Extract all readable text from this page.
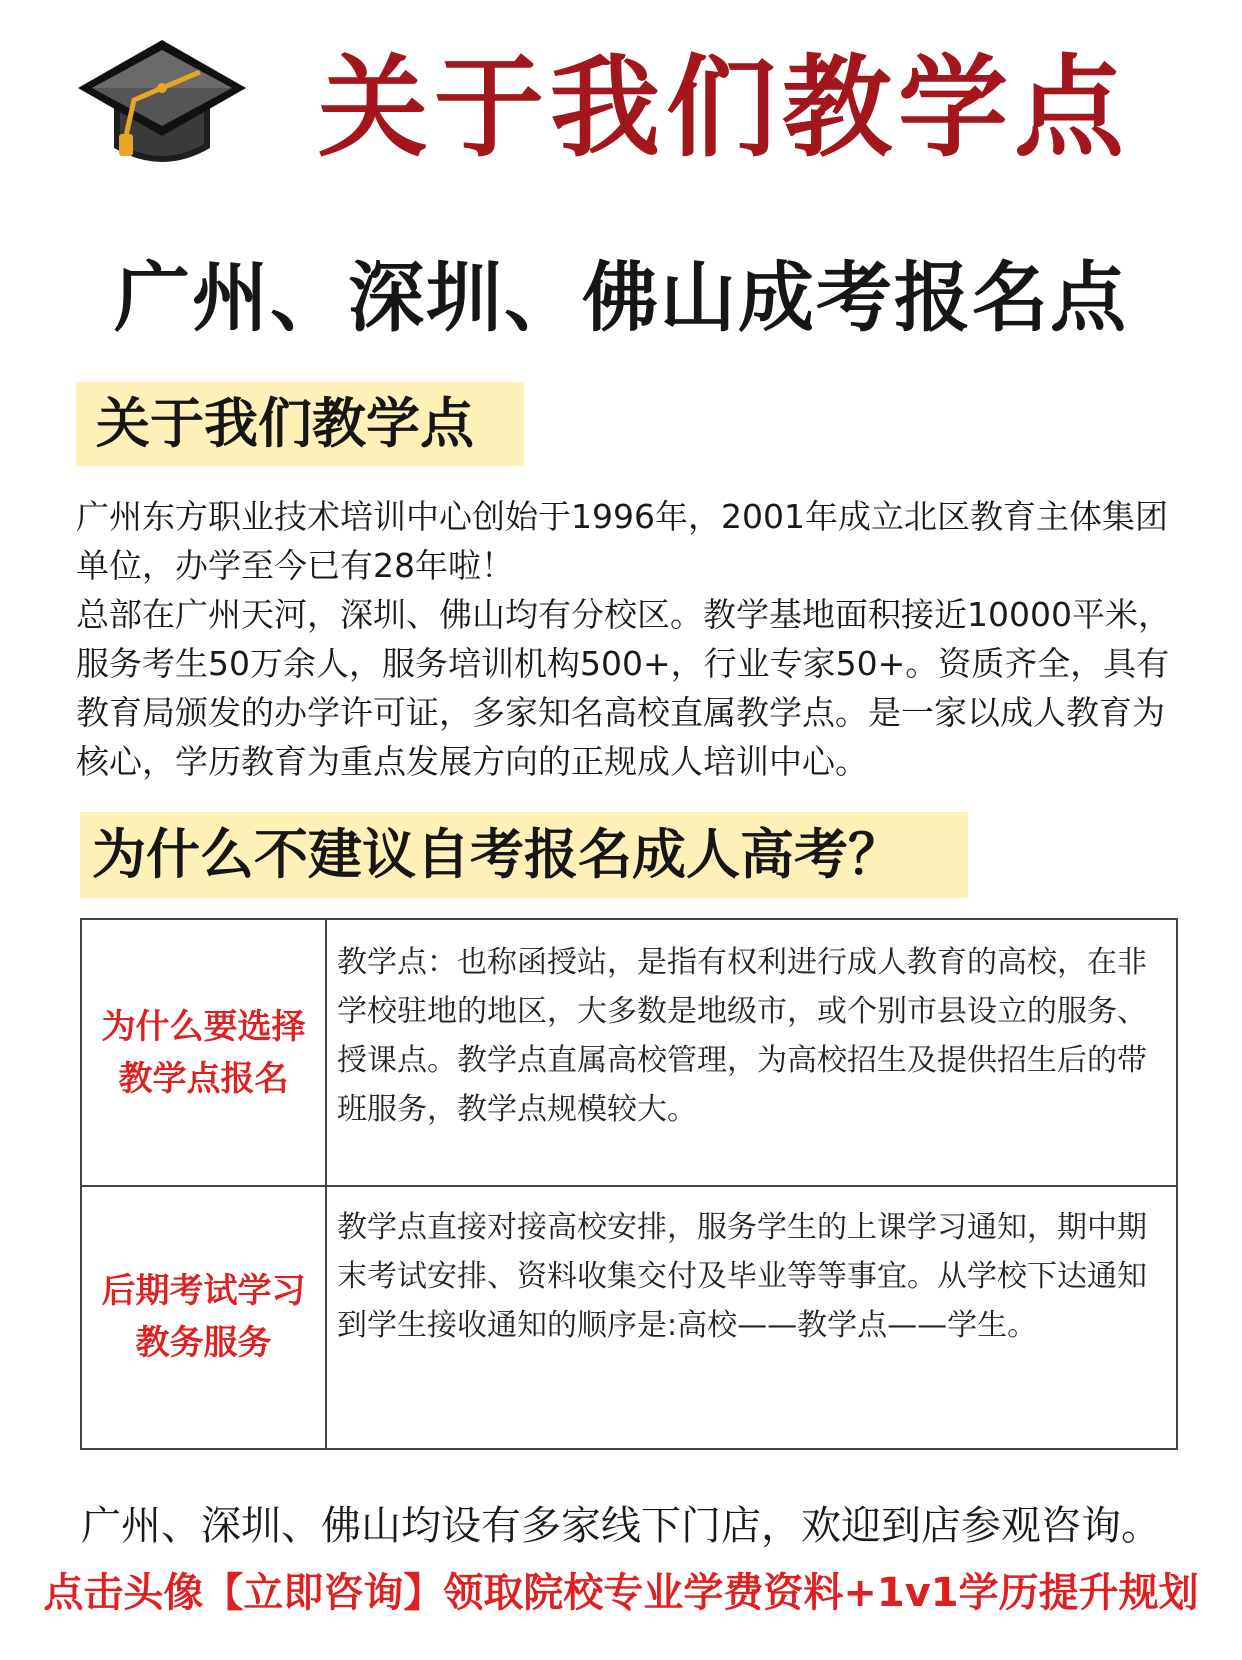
关于我们教学点
广州、深圳、佛山成考报名点
关于我们教学点

广州东方职业技术培训中心创始于1996年，2001年成立北区教育主体集团单位，办学至今已有28年啦！

总部在广州天河，深圳、佛山均有分校区。教学基地面积接近10000平米，服务考生50万余人，服务培训机构500+，行业专家50+。资质齐全，具有教育局颁发的办学许可证，多家知名高校直属教学点。是一家以成人教育为核心，学历教育为重点发展方向的正规成人培训中心。

为什么不建议自考报名成人高考？
为什么要选择教学点报名
教学点：也称函授站，是指有权利进行成人教育的高校，在非学校驻地的地区，大多数是地级市，或个别市县设立的服务、授课点。教学点直属高校管理，为高校招生及提供招生后的带班服务，教学点规模较大。
后期考试学习教务服务
教学点直接对接高校安排，服务学生的上课学习通知，期中期末考试安排、资料收集交付及毕业等等事宜。从学校下达通知到学生接收通知的顺序是:高校——教学点——学生。
广州、深圳、佛山均设有多家线下门店，欢迎到店参观咨询。
点击头像【立即咨询】领取院校专业学费资料+1v1学历提升规划
